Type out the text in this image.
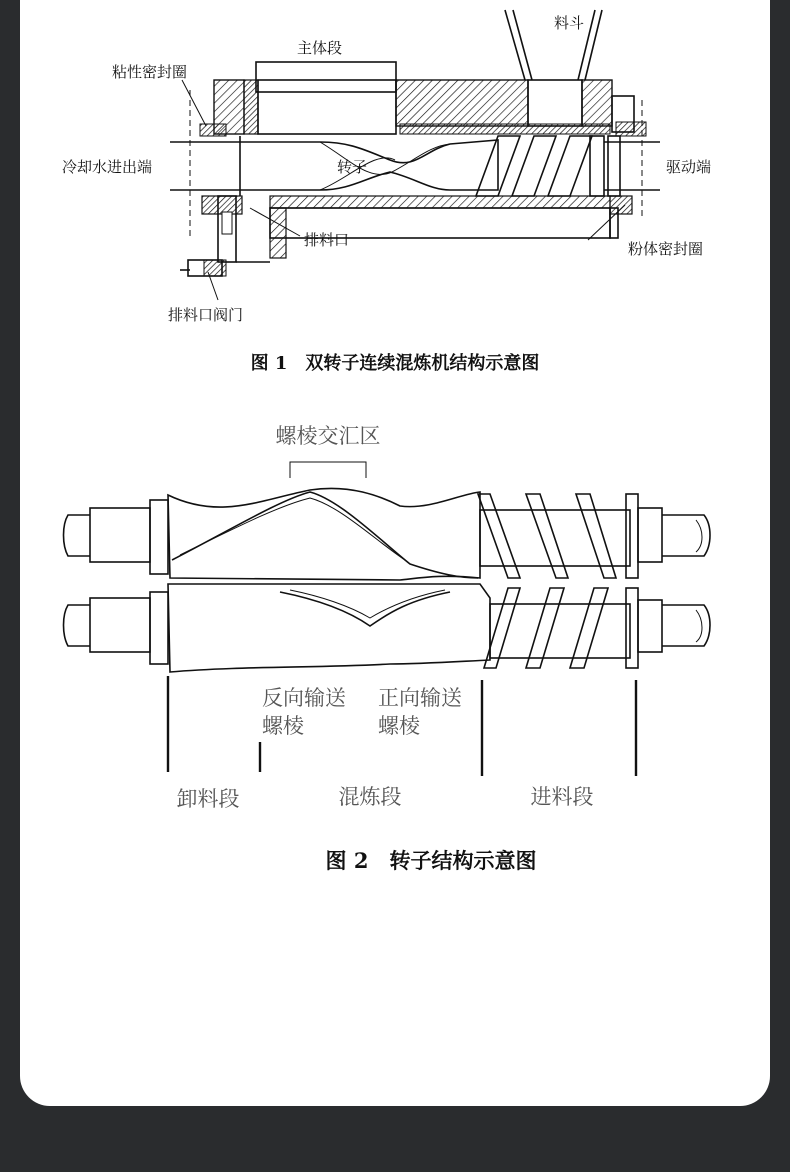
料斗
主体段
粘性密封圈
冷却水进出端	转子	驱动端
排料口	粉体密封圈
排料口阀门
图 1　双转子连续混炼机结构示意图
螺棱交汇区
反向输送
螺棱
正向输送
螺棱
卸料段	混炼段	进料段
图 2　转子结构示意图
